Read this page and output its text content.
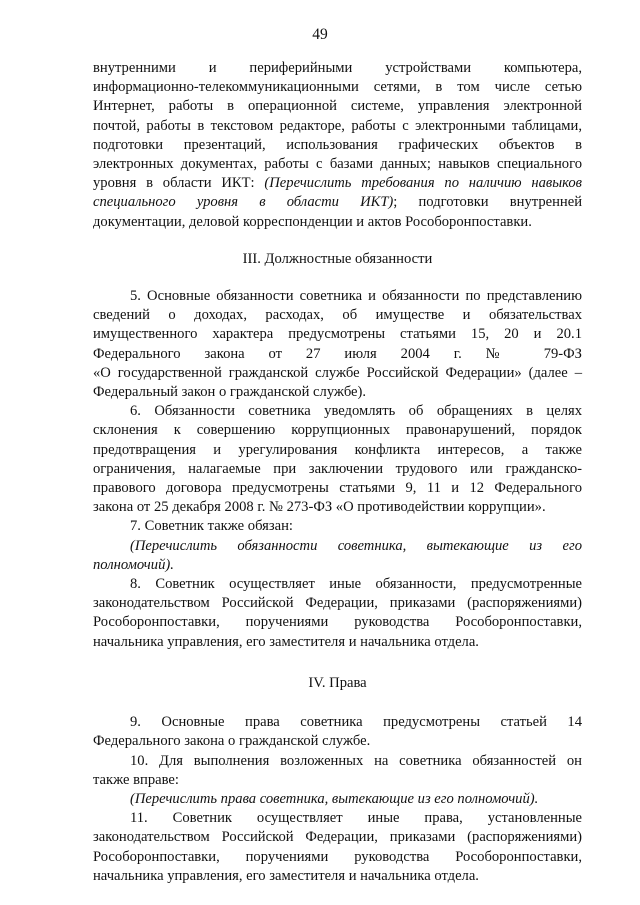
49
внутренними и периферийными устройствами компьютера,
информационно-телекоммуникационными сетями, в том числе сетью
Интернет, работы в операционной системе, управления электронной
почтой, работы в текстовом редакторе, работы с электронными таблицами,
подготовки презентаций, использования графических объектов в
электронных документах, работы с базами данных; навыков специального
уровня в области ИКТ: (Перечислить требования по наличию навыков
специального уровня в области ИКТ); подготовки внутренней
документации, деловой корреспонденции и актов Рособоронпоставки.
III. Должностные обязанности
5. Основные обязанности советника и обязанности по представлению
сведений о доходах, расходах, об имуществе и обязательствах
имущественного характера предусмотрены статьями 15, 20 и 20.1
Федерального закона от 27 июля 2004 г. № 79-ФЗ
«О государственной гражданской службе Российской Федерации» (далее –
Федеральный закон о гражданской службе).
6. Обязанности советника уведомлять об обращениях в целях
склонения к совершению коррупционных правонарушений, порядок
предотвращения и урегулирования конфликта интересов, а также
ограничения, налагаемые при заключении трудового или гражданско-
правового договора предусмотрены статьями 9, 11 и 12 Федерального
закона от 25 декабря 2008 г. № 273-ФЗ «О противодействии коррупции».
7. Советник также обязан:
(Перечислить обязанности советника, вытекающие из его
полномочий).
8. Советник осуществляет иные обязанности, предусмотренные
законодательством Российской Федерации, приказами (распоряжениями)
Рособоронпоставки, поручениями руководства Рособоронпоставки,
начальника управления, его заместителя и начальника отдела.
IV. Права
9. Основные права советника предусмотрены статьей 14
Федерального закона о гражданской службе.
10. Для выполнения возложенных на советника обязанностей он
также вправе:
(Перечислить права советника, вытекающие из его полномочий).
11. Советник осуществляет иные права, установленные
законодательством Российской Федерации, приказами (распоряжениями)
Рособоронпоставки, поручениями руководства Рособоронпоставки,
начальника управления, его заместителя и начальника отдела.
